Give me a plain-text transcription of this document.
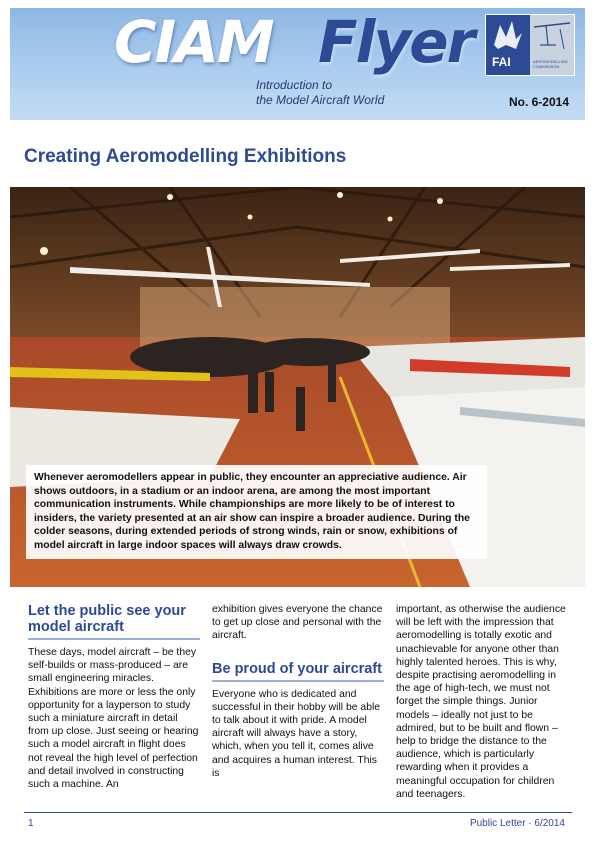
CIAM Flyer
Introduction to
the Model Aircraft World	No. 6-2014
FAI	AEROMODELLING
COMMISSION
Creating Aeromodelling Exhibitions
Whenever aeromodellers appear in public, they encounter an appreciative audience. Air shows outdoors, in a stadium or an indoor arena, are among the most important communication instruments. While championships are more likely to be of interest to insiders, the variety presented at an air show can inspire a broader audience. During the colder seasons, during extended periods of strong winds, rain or snow, exhibitions of model aircraft in large indoor spaces will always draw crowds.
Let the public see your model aircraft

These days, model aircraft – be they self-builds or mass-produced – are small engineering miracles. Exhibitions are more or less the only opportunity for a layperson to study such a miniature aircraft in detail from up close. Just seeing or hearing such a model aircraft in flight does not reveal the high level of perfection and detail involved in constructing such a machine. An

exhibition gives everyone the chance to get up close and personal with the aircraft.

Be proud of your aircraft

Everyone who is dedicated and successful in their hobby will be able to talk about it with pride. A model aircraft will always have a story, which, when you tell it, comes alive and acquires a human interest. This is

important, as otherwise the audience will be left with the impression that aeromodelling is totally exotic and unachievable for anyone other than highly talented heroes. This is why, despite practising aeromodelling in the age of high-tech, we must not forget the simple things. Junior models – ideally not just to be admired, but to be built and flown – help to bridge the distance to the audience, which is particularly rewarding when it provides a meaningful occupation for children and teenagers.

1	Public Letter · 6/2014
